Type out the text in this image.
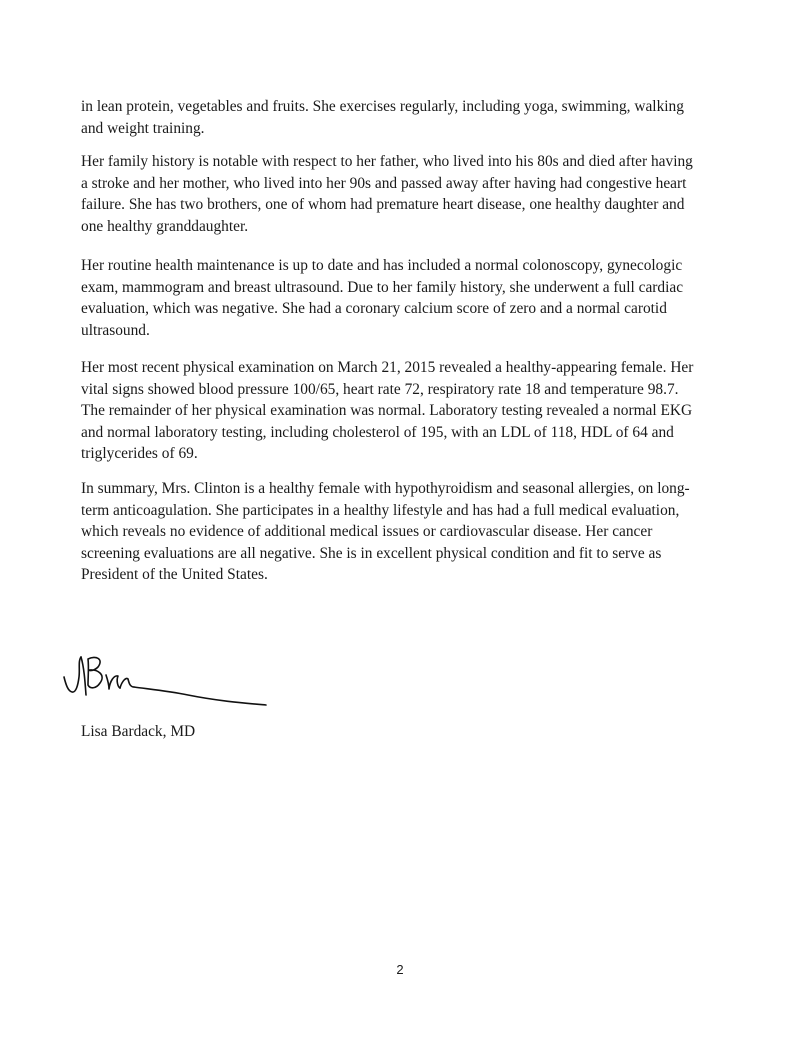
in lean protein, vegetables and fruits. She exercises regularly, including yoga, swimming, walking
and weight training.

Her family history is notable with respect to her father, who lived into his 80s and died after having
a stroke and her mother, who lived into her 90s and passed away after having had congestive heart
failure. She has two brothers, one of whom had premature heart disease, one healthy daughter and
one healthy granddaughter.

Her routine health maintenance is up to date and has included a normal colonoscopy, gynecologic
exam, mammogram and breast ultrasound. Due to her family history, she underwent a full cardiac
evaluation, which was negative. She had a coronary calcium score of zero and a normal carotid
ultrasound.

Her most recent physical examination on March 21, 2015 revealed a healthy-appearing female. Her
vital signs showed blood pressure 100/65, heart rate 72, respiratory rate 18 and temperature 98.7.
The remainder of her physical examination was normal. Laboratory testing revealed a normal EKG
and normal laboratory testing, including cholesterol of 195, with an LDL of 118, HDL of 64 and
triglycerides of 69.

In summary, Mrs. Clinton is a healthy female with hypothyroidism and seasonal allergies, on long-
term anticoagulation. She participates in a healthy lifestyle and has had a full medical evaluation,
which reveals no evidence of additional medical issues or cardiovascular disease. Her cancer
screening evaluations are all negative. She is in excellent physical condition and fit to serve as
President of the United States.

Lisa Bardack, MD

2
